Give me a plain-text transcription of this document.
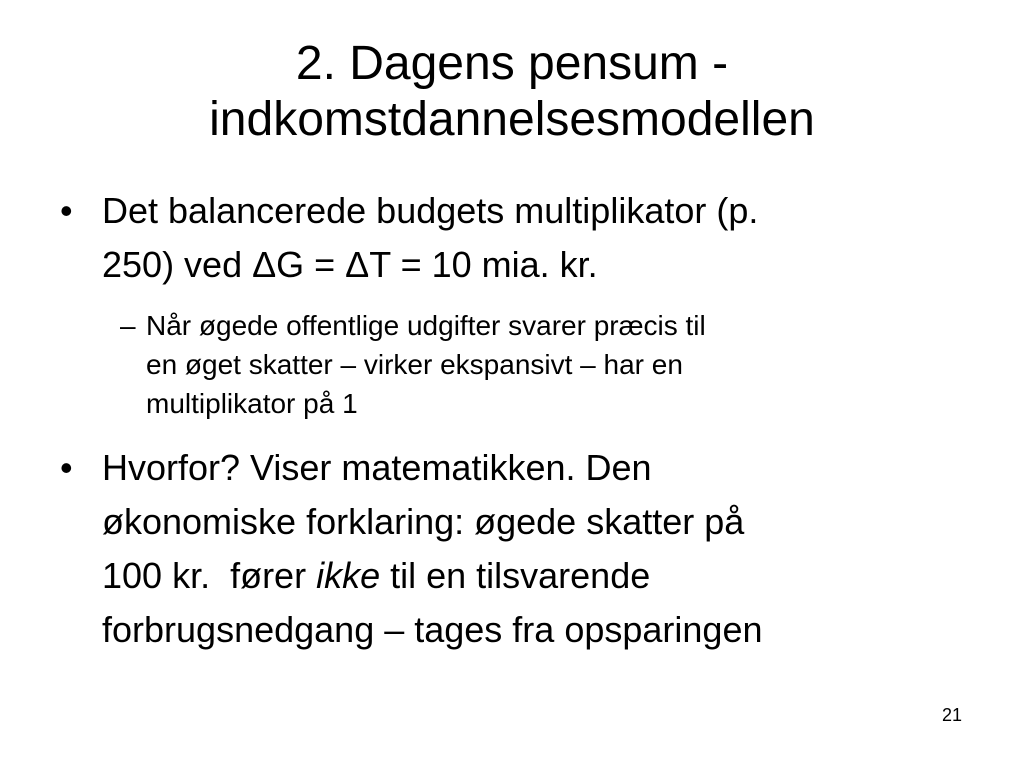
2. Dagens pensum -
indkomstdannelsesmodellen
• Det balancerede budgets multiplikator (p.
250) ved ΔG = ΔT = 10 mia. kr.
– Når øgede offentlige udgifter svarer præcis til
en øget skatter – virker ekspansivt – har en
multiplikator på 1
• Hvorfor? Viser matematikken. Den
økonomiske forklaring: øgede skatter på
100 kr.  fører ikke til en tilsvarende
forbrugsnedgang – tages fra opsparingen
21
